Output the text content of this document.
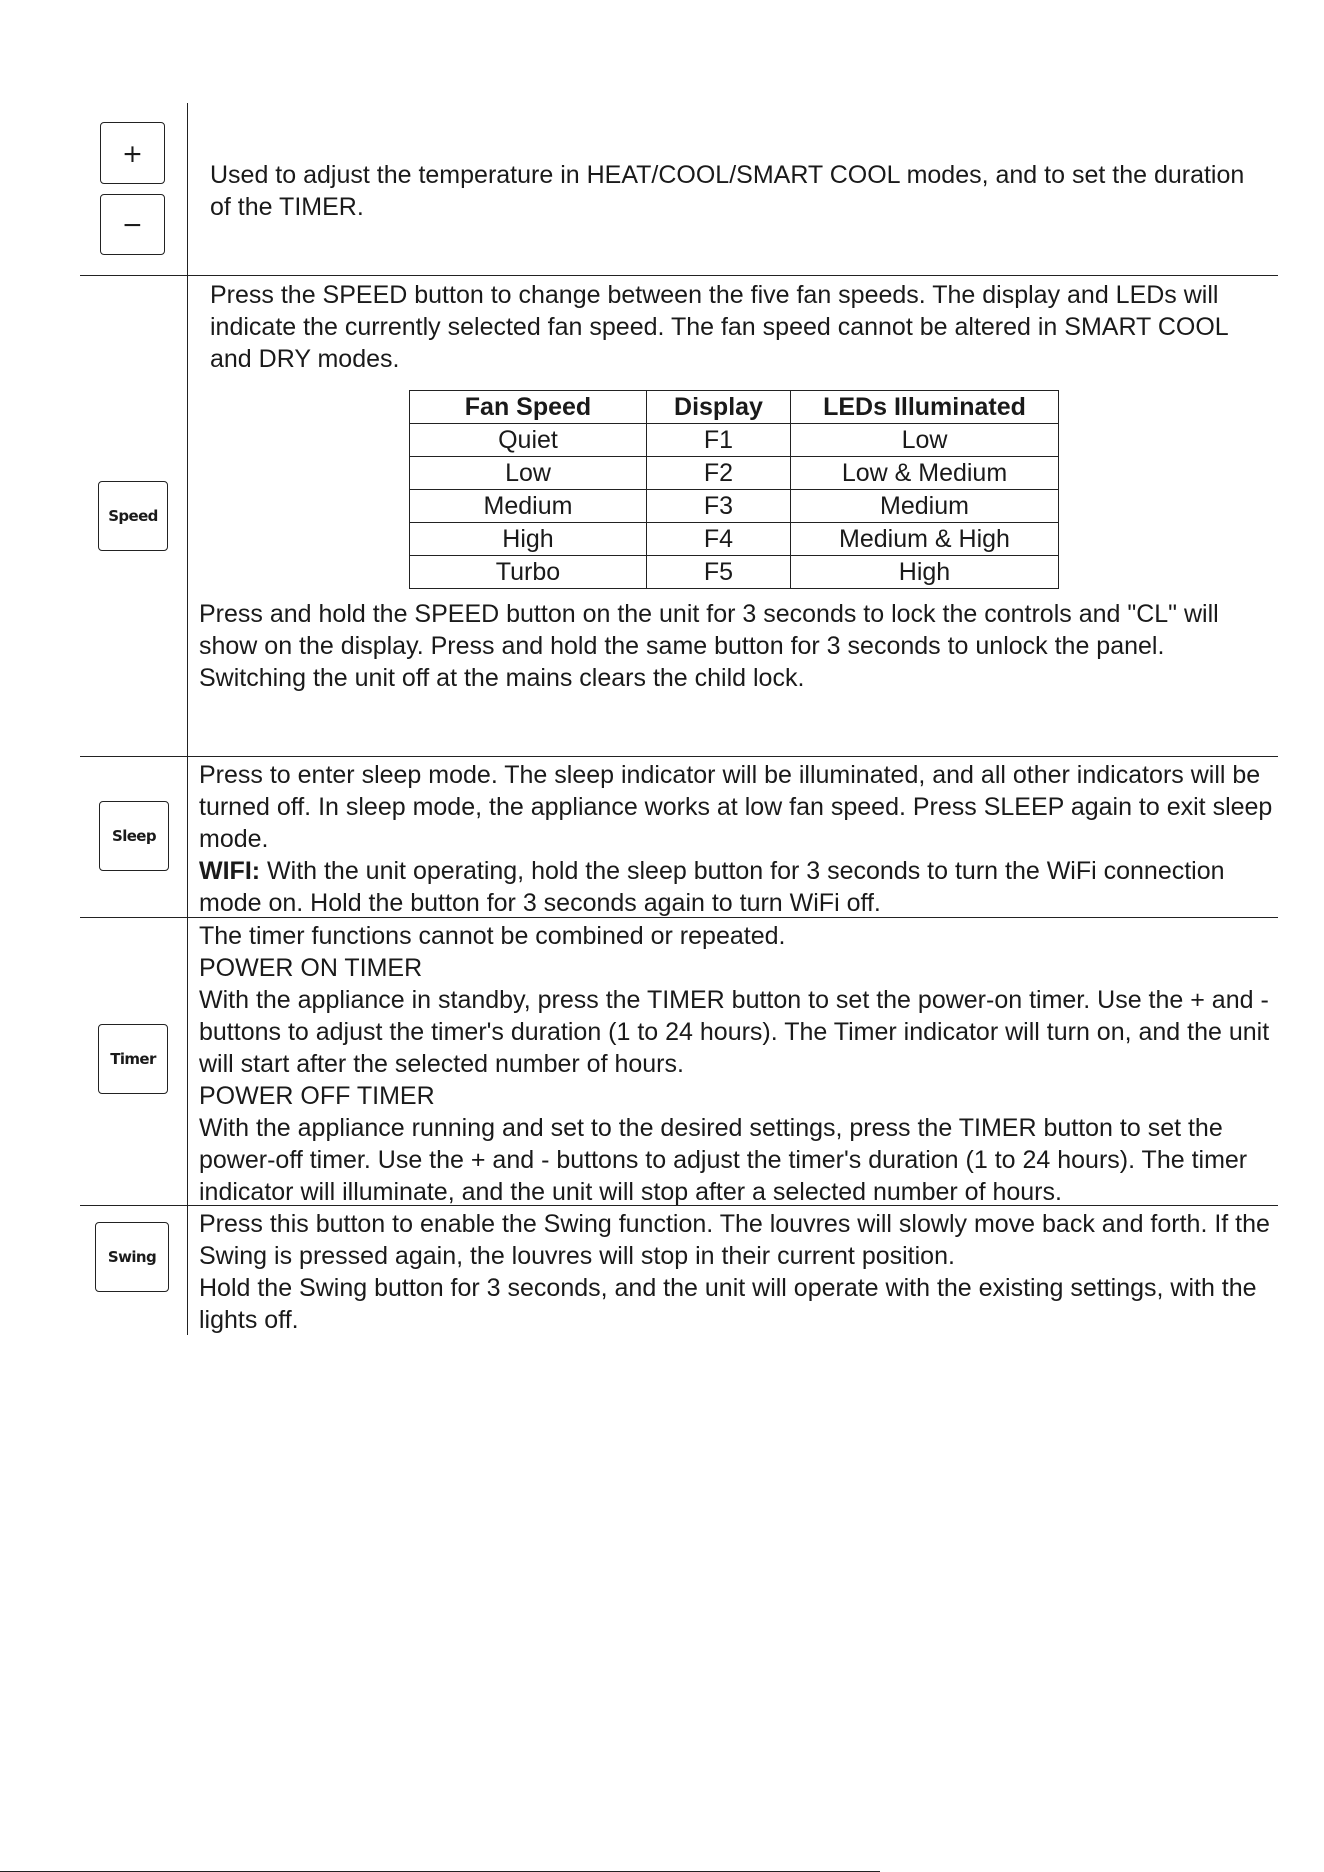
+
−

Used to adjust the temperature in HEAT/COOL/SMART COOL modes, and to set the duration of the TIMER.

Speed

Press the SPEED button to change between the five fan speeds. The display and LEDs will indicate the currently selected fan speed. The fan speed cannot be altered in SMART COOL and DRY modes.

Fan Speed	Display	LEDs Illuminated
Quiet	F1	Low
Low	F2	Low & Medium
Medium	F3	Medium
High	F4	Medium & High
Turbo	F5	High

Press and hold the SPEED button on the unit for 3 seconds to lock the controls and "CL" will show on the display. Press and hold the same button for 3 seconds to unlock the panel.
Switching the unit off at the mains clears the child lock.

Sleep

Press to enter sleep mode. The sleep indicator will be illuminated, and all other indicators will be turned off. In sleep mode, the appliance works at low fan speed. Press SLEEP again to exit sleep mode.
WIFI: With the unit operating, hold the sleep button for 3 seconds to turn the WiFi connection mode on. Hold the button for 3 seconds again to turn WiFi off.

Timer

The timer functions cannot be combined or repeated.
POWER ON TIMER
With the appliance in standby, press the TIMER button to set the power-on timer. Use the + and - buttons to adjust the timer's duration (1 to 24 hours). The Timer indicator will turn on, and the unit will start after the selected number of hours.
POWER OFF TIMER
With the appliance running and set to the desired settings, press the TIMER button to set the power-off timer. Use the + and - buttons to adjust the timer's duration (1 to 24 hours). The timer indicator will illuminate, and the unit will stop after a selected number of hours.

Swing

Press this button to enable the Swing function. The louvres will slowly move back and forth. If the Swing is pressed again, the louvres will stop in their current position.
Hold the Swing button for 3 seconds, and the unit will operate with the existing settings, with the lights off.
